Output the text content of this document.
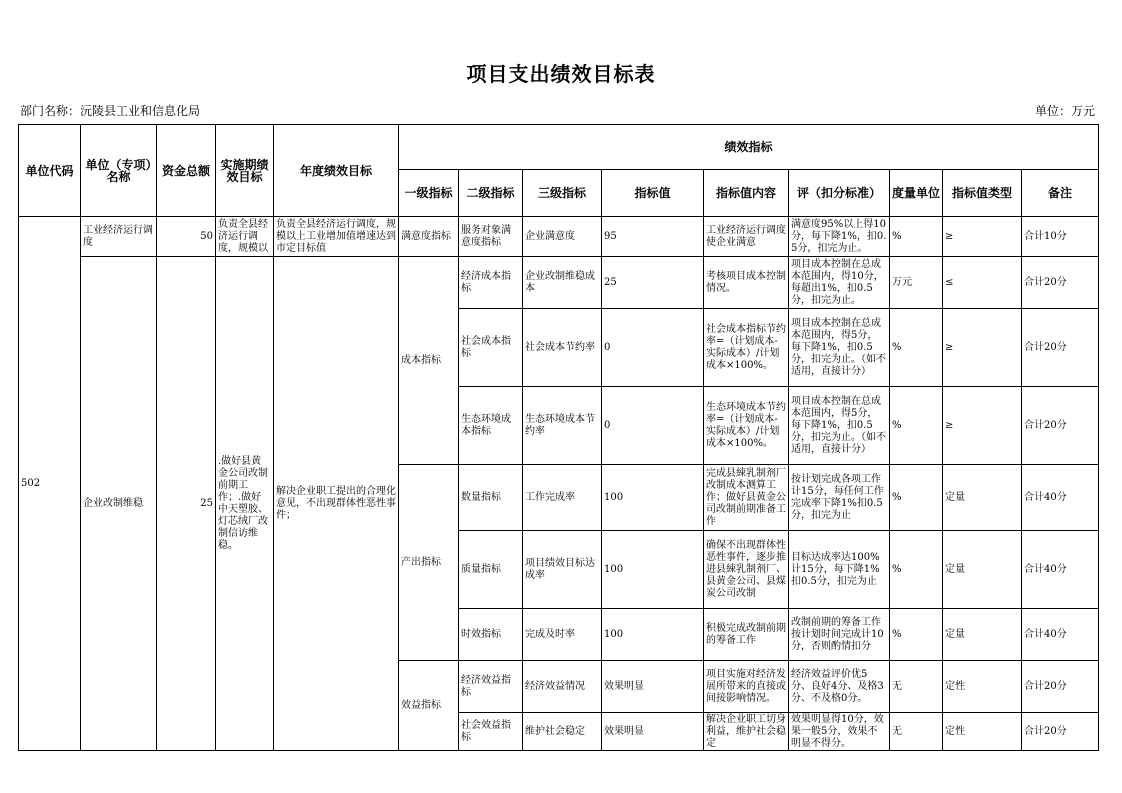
项目支出绩效目标表
部门名称：沅陵县工业和信息化局	单位：万元
单位代码	单位（专项）名称	资金总额	实施期绩效目标	年度绩效目标	绩效指标								
					一级指标	二级指标	三级指标	指标值	指标值内容	评（扣分标准）	度量单位	指标值类型	备注
502	工业经济运行调度	50	负责全县经济运行调度，规模以	负责全县经济运行调度，规模以上工业增加值增速达到市定目标值	满意度指标	服务对象满意度指标	企业满意度	95	工业经济运行调度使企业满意	满意度95%以上得10分，每下降1%，扣0.5分，扣完为止。	%	≥	合计10分
	企业改制维稳	25	.做好县黄金公司改制前期工作；.做好中天塑胶、灯芯绒厂改制信访维稳。	解决企业职工提出的合理化意见，不出现群体性恶性事件；	成本指标	经济成本指标	企业改制维稳成本	25	考核项目成本控制情况。	项目成本控制在总成本范围内，得10分，每超出1%，扣0.5分，扣完为止。	万元	≤	合计20分
						社会成本指标	社会成本节约率	0	社会成本指标节约率=（计划成本-实际成本）/计划成本×100%。	项目成本控制在总成本范围内，得5分，每下降1%，扣0.5分，扣完为止。（如不适用，直接计分）	%	≥	合计20分
						生态环境成本指标	生态环境成本节约率	0	生态环境成本节约率=（计划成本-实际成本）/计划成本×100%。	项目成本控制在总成本范围内，得5分，每下降1%，扣0.5分，扣完为止。（如不适用，直接计分）	%	≥	合计20分
					产出指标	数量指标	工作完成率	100	完成县綀乳制剂厂改制成本测算工作；做好县黄金公司改制前期准备工作	按计划完成各项工作计15分，每任何工作完成率下降1%扣0.5分，扣完为止	%	定量	合计40分
						质量指标	项目绩效目标达成率	100	确保不出现群体性恶性事件，逐步推进县綀乳制剂厂、县黄金公司、县煤炭公司改制	目标达成率达100%计15分，每下降1%扣0.5分，扣完为止	%	定量	合计40分
						时效指标	完成及时率	100	积极完成改制前期的筹备工作	改制前期的筹备工作按计划时间完成计10分，否则酌情扣分	%	定量	合计40分
					效益指标	经济效益指标	经济效益情况	效果明显	项目实施对经济发展所带来的直接或间接影响情况。	经济效益评价优5分、良好4分、及格3分、不及格0分。	无	定性	合计20分
						社会效益指标	维护社会稳定	效果明显	解决企业职工切身利益，维护社会稳定	效果明显得10分，效果一般5分，效果不明显不得分。	无	定性	合计20分
